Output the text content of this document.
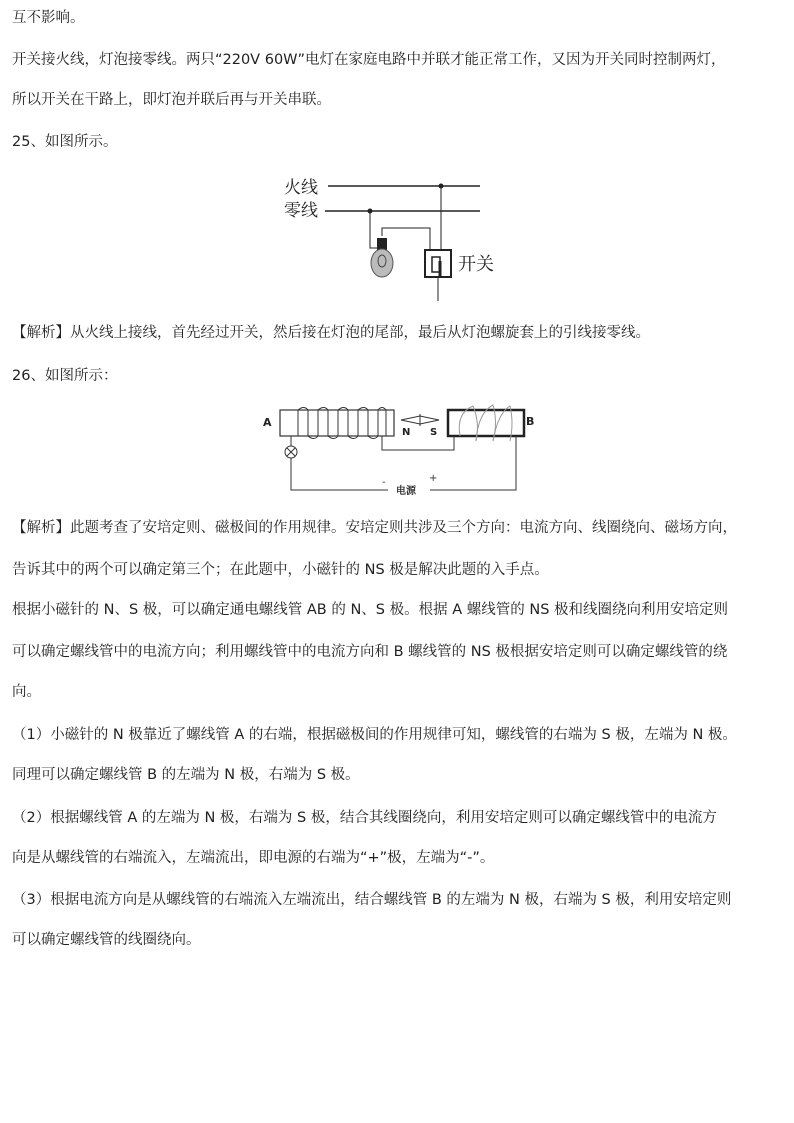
互不影响。
开关接火线，灯泡接零线。两只“220V 60W”电灯在家庭电路中并联才能正常工作，又因为开关同时控制两灯，
所以开关在干路上，即灯泡并联后再与开关串联。
25、如图所示。
火线
零线
开关
【解析】从火线上接线，首先经过开关，然后接在灯泡的尾部，最后从灯泡螺旋套上的引线接零线。
26、如图所示：
A
N S
B
-	+
电源
【解析】此题考查了安培定则、磁极间的作用规律。安培定则共涉及三个方向：电流方向、线圈绕向、磁场方向，
告诉其中的两个可以确定第三个；在此题中，小磁针的 NS 极是解决此题的入手点。
根据小磁针的 N、S 极，可以确定通电螺线管 AB 的 N、S 极。根据 A 螺线管的 NS 极和线圈绕向利用安培定则
可以确定螺线管中的电流方向；利用螺线管中的电流方向和 B 螺线管的 NS 极根据安培定则可以确定螺线管的绕
向。
（1）小磁针的 N 极靠近了螺线管 A 的右端，根据磁极间的作用规律可知，螺线管的右端为 S 极，左端为 N 极。
同理可以确定螺线管 B 的左端为 N 极，右端为 S 极。
（2）根据螺线管 A 的左端为 N 极，右端为 S 极，结合其线圈绕向，利用安培定则可以确定螺线管中的电流方
向是从螺线管的右端流入，左端流出，即电源的右端为“+”极，左端为“-”。
（3）根据电流方向是从螺线管的右端流入左端流出，结合螺线管 B 的左端为 N 极，右端为 S 极，利用安培定则
可以确定螺线管的线圈绕向。
